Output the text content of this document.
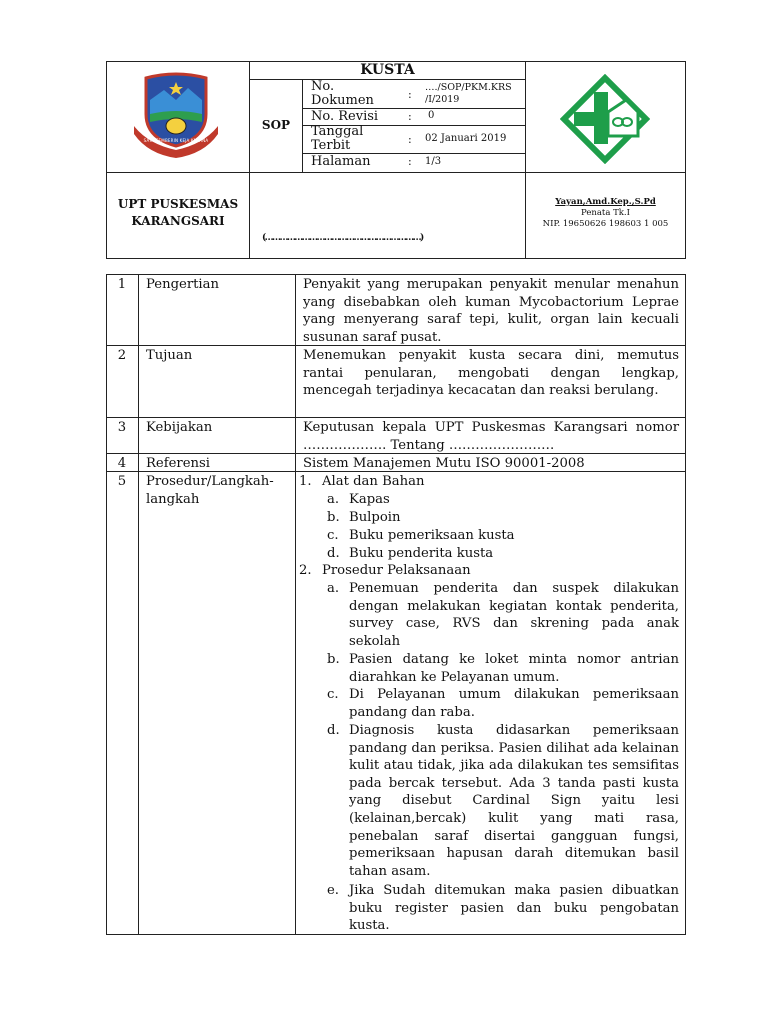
SAYA SEMBERIN KEJA KNPANA
KUSTA
SOP
No. Dokumen	:
…./SOP/PKM.KRS /I/2019
No. Revisi	: 0
Tanggal Terbit	: 02 Januari 2019
Halaman	: 1/3
UPT PUSKESMAS KARANGSARI
(………………………………………………………)
Yayan,Amd.Kep.,S.Pd
Penata Tk.I
NIP. 19650626 198603 1 005
1	Pengertian	Penyakit yang merupakan penyakit menular menahun yang disebabkan oleh kuman Mycobactorium Leprae yang menyerang saraf tepi, kulit, organ lain kecuali susunan saraf pusat.
2	Tujuan	Menemukan penyakit kusta secara dini, memutus rantai penularan, mengobati dengan lengkap, mencegah terjadinya kecacatan dan reaksi berulang.
3	Kebijakan	Keputusan kepala UPT Puskesmas Karangsari nomor ………………. Tentang ……………………
4	Referensi	Sistem Manajemen Mutu ISO 90001-2008
5	Prosedur/Langkah-langkah
1. Alat dan Bahan
a. Kapas
b. Bulpoin
c. Buku pemeriksaan kusta
d. Buku penderita kusta
2. Prosedur Pelaksanaan
a. Penemuan penderita dan suspek dilakukan dengan melakukan kegiatan kontak penderita, survey case, RVS dan skrening pada anak sekolah
b. Pasien datang ke loket minta nomor antrian diarahkan ke Pelayanan umum.
c. Di Pelayanan umum dilakukan pemeriksaan pandang dan raba.
d. Diagnosis kusta didasarkan pemeriksaan pandang dan periksa. Pasien dilihat ada kelainan kulit atau tidak, jika ada dilakukan tes semsifitas pada bercak tersebut. Ada 3 tanda pasti kusta yang disebut Cardinal Sign yaitu lesi (kelainan,bercak) kulit yang mati rasa, penebalan saraf disertai gangguan fungsi, pemeriksaan hapusan darah ditemukan basil tahan asam.
e. Jika Sudah ditemukan maka pasien dibuatkan buku register pasien dan buku pengobatan kusta.
